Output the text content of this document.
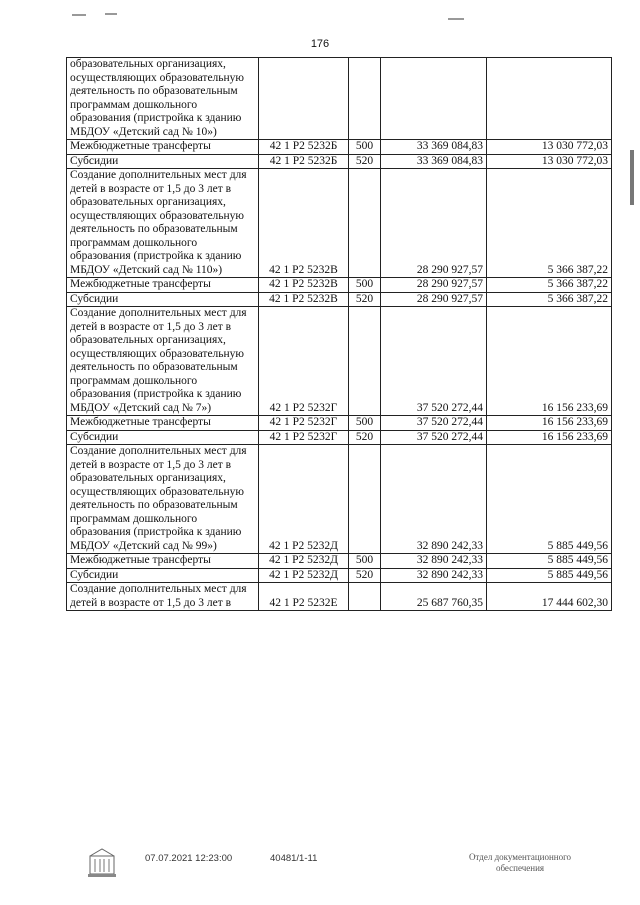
176
образовательных организациях, осуществляющих образовательную деятельность по образовательным программам дошкольного образования (пристройка к зданию МБДОУ «Детский сад № 10»)				
Межбюджетные трансферты	42 1 Р2 5232Б	500	33 369 084,83	13 030 772,03
Субсидии	42 1 Р2 5232Б	520	33 369 084,83	13 030 772,03
Создание дополнительных мест для детей в возрасте от 1,5 до 3 лет в образовательных организациях, осуществляющих образовательную деятельность по образовательным программам дошкольного образования (пристройка к зданию МБДОУ «Детский сад № 110»)	42 1 Р2 5232В		28 290 927,57	5 366 387,22
Межбюджетные трансферты	42 1 Р2 5232В	500	28 290 927,57	5 366 387,22
Субсидии	42 1 Р2 5232В	520	28 290 927,57	5 366 387,22
Создание дополнительных мест для детей в возрасте от 1,5 до 3 лет в образовательных организациях, осуществляющих образовательную деятельность по образовательным программам дошкольного образования (пристройка к зданию МБДОУ «Детский сад № 7»)	42 1 Р2 5232Г		37 520 272,44	16 156 233,69
Межбюджетные трансферты	42 1 Р2 5232Г	500	37 520 272,44	16 156 233,69
Субсидии	42 1 Р2 5232Г	520	37 520 272,44	16 156 233,69
Создание дополнительных мест для детей в возрасте от 1,5 до 3 лет в образовательных организациях, осуществляющих образовательную деятельность по образовательным программам дошкольного образования (пристройка к зданию МБДОУ «Детский сад № 99»)	42 1 Р2 5232Д		32 890 242,33	5 885 449,56
Межбюджетные трансферты	42 1 Р2 5232Д	500	32 890 242,33	5 885 449,56
Субсидии	42 1 Р2 5232Д	520	32 890 242,33	5 885 449,56
Создание дополнительных мест для детей в возрасте от 1,5 до 3 лет в	42 1 Р2 5232Е		25 687 760,35	17 444 602,30
07.07.2021 12:23:00	40481/1-11	Отдел документационного
обеспечения
